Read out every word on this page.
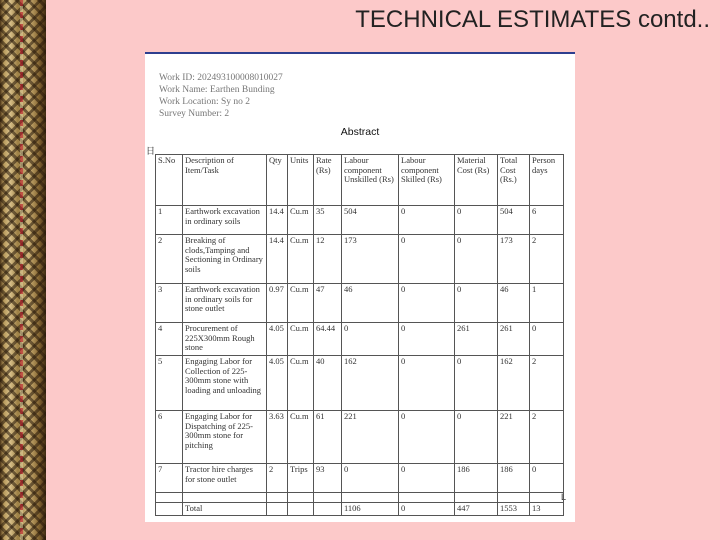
TECHNICAL ESTIMATES contd..
Work ID: 202493100008010027
Work Name: Earthen Bunding
Work Location: Sy no 2
Survey Number: 2
Abstract
日
L
S.No	Description of Item/Task	Qty	Units	Rate (Rs)	Labour component Unskilled (Rs)	Labour component Skilled (Rs)	Material Cost (Rs)	Total Cost (Rs.)	Person days
1	Earthwork excavation in ordinary soils	14.4	Cu.m	35	504	0	0	504	6
2	Breaking of clods,Tamping and Sectioning in Ordinary soils	14.4	Cu.m	12	173	0	0	173	2
3	Earthwork excavation in ordinary soils for stone outlet	0.97	Cu.m	47	46	0	0	46	1
4	Procurement of 225X300mm Rough stone	4.05	Cu.m	64.44	0	0	261	261	0
5	Engaging Labor for Collection of 225-300mm stone with loading and unloading	4.05	Cu.m	40	162	0	0	162	2
6	Engaging Labor for Dispatching of 225-300mm stone for pitching	3.63	Cu.m	61	221	0	0	221	2
7	Tractor hire charges for stone outlet	2	Trips	93	0	0	186	186	0

	Total				1106	0	447	1553	13
